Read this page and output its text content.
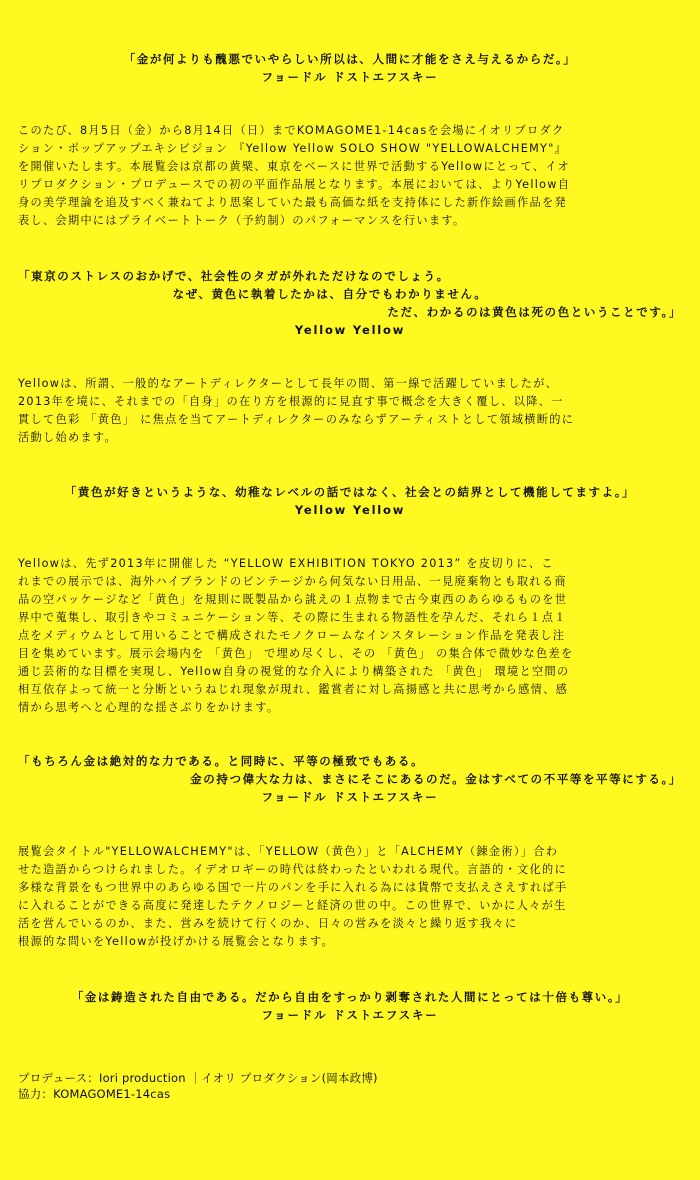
「金が何よりも醜悪でいやらしい所以は、人間に才能をさえ与えるからだ。」
フョードル ドストエフスキー
このたび、8月5日（金）から8月14日（日）までKOMAGOME1-14casを会場にイオリプロダク
ション・ポップアップエキシビジョン 『Yellow Yellow SOLO SHOW "YELLOWALCHEMY"』
を開催いたします。本展覧会は京都の黄檗、東京をベースに世界で活動するYellowにとって、イオ
リプロダクション・プロデュースでの初の平面作品展となります。本展においては、よりYellow自
身の美学理論を追及すべく兼ねてより思案していた最も高価な紙を支持体にした新作絵画作品を発
表し、会期中にはプライベートトーク（予約制）のパフォーマンスを行います。
「東京のストレスのおかげで、社会性のタガが外れただけなのでしょう。
なぜ、黄色に執着したかは、自分でもわかりません。
ただ、わかるのは黄色は死の色ということです。」
Yellow Yellow
Yellowは、所謂、一般的なアートディレクターとして長年の間、第一線で活躍していましたが、
2013年を境に、それまでの「自身」の在り方を根源的に見直す事で概念を大きく覆し、以降、一
貫して色彩 「黄色」 に焦点を当てアートディレクターのみならずアーティストとして領域横断的に
活動し始めます。
「黄色が好きというような、幼稚なレベルの話ではなく、社会との結界として機能してますよ。」
Yellow Yellow
Yellowは、先ず2013年に開催した “YELLOW EXHIBITION TOKYO 2013” を皮切りに、こ
れまでの展示では、海外ハイブランドのビンテージから何気ない日用品、一見廃棄物とも取れる商
品の空パッケージなど「黄色」を規則に既製品から誂えの１点物まで古今東西のあらゆるものを世
界中で蒐集し、取引きやコミュニケーション等、その際に生まれる物語性を孕んだ、それら１点１
点をメディウムとして用いることで構成されたモノクロームなインスタレーション作品を発表し注
目を集めています。展示会場内を 「黄色」 で埋め尽くし、その 「黄色」 の集合体で微妙な色差を
通じ芸術的な目標を実現し、Yellow自身の視覚的な介入により構築された 「黄色」 環境と空間の
相互依存よって統一と分断というねじれ現象が現れ、鑑賞者に対し高揚感と共に思考から感情、感
情から思考へと心理的な揺さぶりをかけます。
「もちろん金は絶対的な力である。と同時に、平等の極致でもある。
金の持つ偉大な力は、まさにそこにあるのだ。金はすべての不平等を平等にする。」
フョードル ドストエフスキー
展覧会タイトル"YELLOWALCHEMY"は、「YELLOW（黄色）」と「ALCHEMY（錬金術）」合わ
せた造語からつけられました。イデオロギーの時代は終わったといわれる現代。言語的・文化的に
多様な背景をもつ世界中のあらゆる国で一片のパンを手に入れる為には貨幣で支払えさえすれば手
に入れることができる高度に発達したテクノロジーと経済の世の中。この世界で、いかに人々が生
活を営んでいるのか、また、営みを続けて行くのか、日々の営みを淡々と繰り返す我々に
根源的な問いをYellowが投げかける展覧会となります。
「金は鋳造された自由である。だから自由をすっかり剥奪された人間にとっては十倍も尊い。」
フョードル ドストエフスキー
プロデュース：Iori production ｜イオリ プロダクション(岡本政博)
協力：KOMAGOME1-14cas
